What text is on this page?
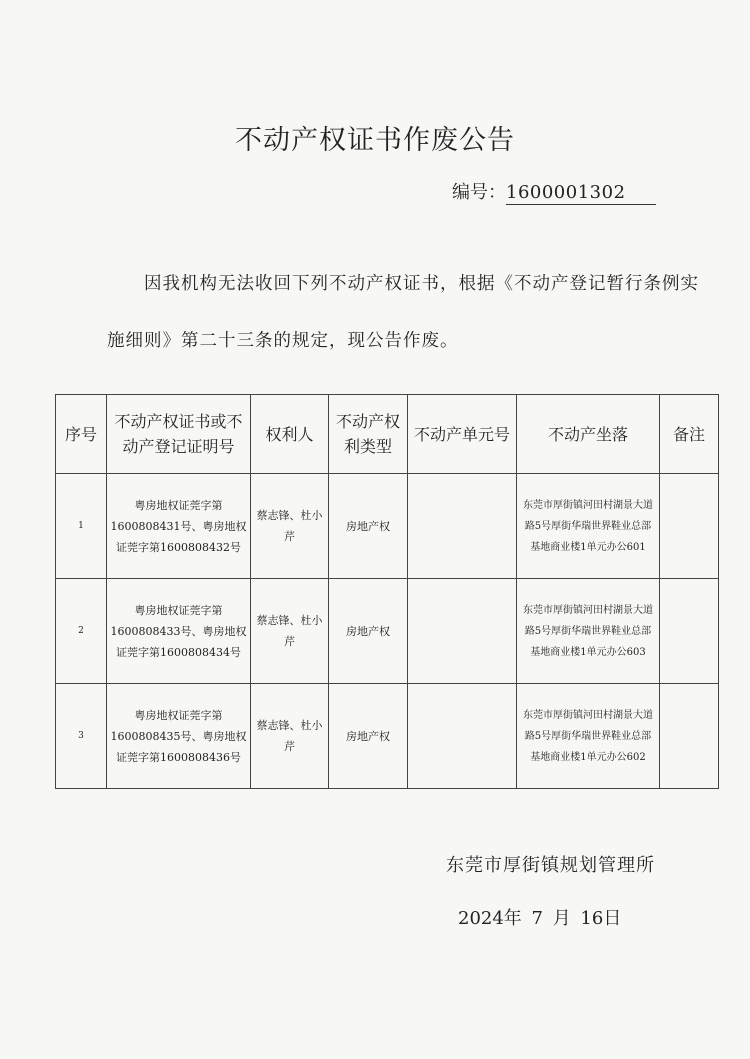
不动产权证书作废公告
编号：1600001302
因我机构无法收回下列不动产权证书，根据《不动产登记暂行条例实
施细则》第二十三条的规定，现公告作废。
序号	不动产权证书或不动产登记证明号	权利人	不动产权利类型	不动产单元号	不动产坐落	备注
1	粤房地权证莞字第1600808431号、粤房地权证莞字第1600808432号	蔡志锋、杜小芹	房地产权		东莞市厚街镇河田村湖景大道路5号厚街华瑞世界鞋业总部基地商业楼1单元办公601	
2	粤房地权证莞字第1600808433号、粤房地权证莞字第1600808434号	蔡志锋、杜小芹	房地产权		东莞市厚街镇河田村湖景大道路5号厚街华瑞世界鞋业总部基地商业楼1单元办公603	
3	粤房地权证莞字第1600808435号、粤房地权证莞字第1600808436号	蔡志锋、杜小芹	房地产权		东莞市厚街镇河田村湖景大道路5号厚街华瑞世界鞋业总部基地商业楼1单元办公602	
东莞市厚街镇规划管理所
2024年 7 月 16日
